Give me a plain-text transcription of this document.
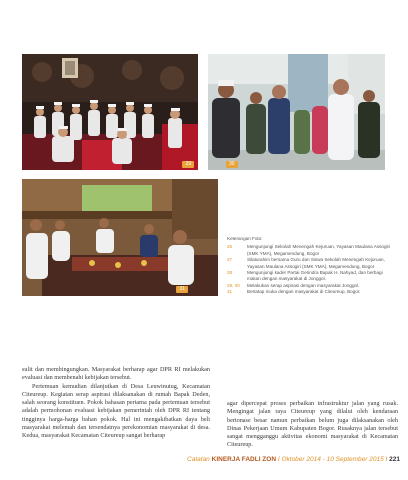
29	30
31
Keterangan Foto:
26	Mengunjungi Sekolah Menengah Kejuruan, Yayasan Maulana Assogiri (SMK YMA), Megamendung, Bogor
27	Silaturahim bersama Guru dan Siswa Sekolah Menengah Kejuruan, Yayasan Maulana Assogiri (SMK YMA), Megamendung, Bogor
28	Mengunjungi kader Partai Gerindra Bapak H. Nahyad, dan berbagi makan dengan masyarakat di Jonggol.
29, 30	Melakukan serap aspirasi dengan masyarakat Jonggol.
31	Bertatap muka dengan masyarakat di Citeureup, Bogor.

sulit dan membingungkan. Masyarakat berharap agar DPR RI melakukan evaluasi dan membenahi kebijakan tersebut.

Pertemuan kemudian dilanjutkan di Desa Leuwinutug, Kecamatan Citeureup. Kegiatan serap aspirasi dilaksanakan di rumah Bapak Deden, salah seorang konstituen. Pokok bahasan pertama pada pertemuan tersebut adalah permohonan evaluasi kebijakan pemerintah oleh DPR RI tentang tingginya harga-harga bahan pokok. Hal ini mengakibatkan daya beli masyarakat melemah dan tersendatnya perekonomian masyarakat di desa. Kedua, masyarakat Kecamatan Citeureup sangat berharap

agar dipercepat proses perbaikan infrastruktur jalan yang rusak. Mengingat jalan raya Citeureup yang dilalui oleh kendaraan bertonase besar namun perbaikan belum juga dilaksanakan oleh Dinas Pekerjaan Umum Kabupaten Bogor. Rusaknya jalan tersebut sangat mengganggu aktivitas ekonomi masyarakat di Kecamatan Citeureup.

Catatan KINERJA FADLI ZON I Oktober 2014 - 10 September 2015 I 221
